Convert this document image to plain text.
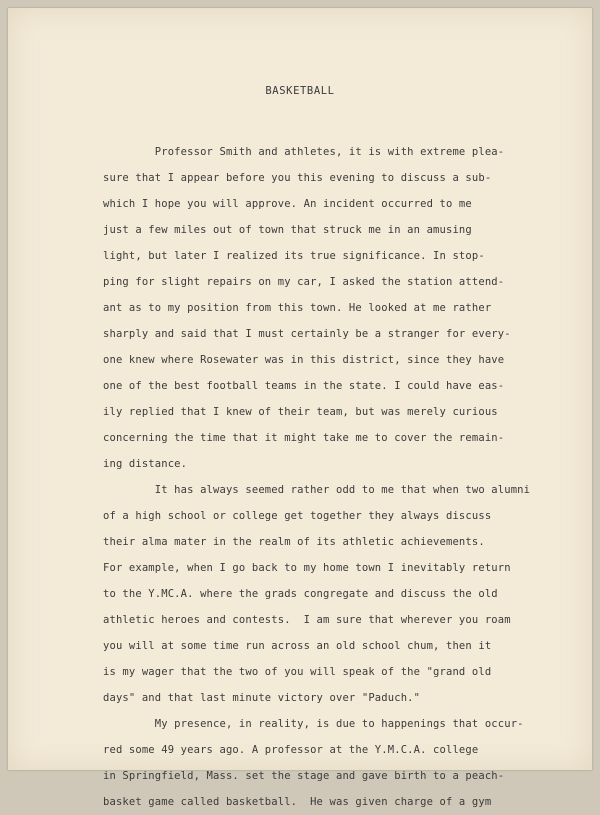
BASKETBALL
Professor Smith and athletes, it is with extreme plea-
sure that I appear before you this evening to discuss a sub-
which I hope you will approve. An incident occurred to me
just a few miles out of town that struck me in an amusing
light, but later I realized its true significance. In stop-
ping for slight repairs on my car, I asked the station attend-
ant as to my position from this town. He looked at me rather
sharply and said that I must certainly be a stranger for every-
one knew where Rosewater was in this district, since they have
one of the best football teams in the state. I could have eas-
ily replied that I knew of their team, but was merely curious
concerning the time that it might take me to cover the remain-
ing distance.
It has always seemed rather odd to me that when two alumni
of a high school or college get together they always discuss
their alma mater in the realm of its athletic achievements.
For example, when I go back to my home town I inevitably return
to the Y.MC.A. where the grads congregate and discuss the old
athletic heroes and contests.  I am sure that wherever you roam
you will at some time run across an old school chum, then it
is my wager that the two of you will speak of the "grand old
days" and that last minute victory over "Paduch."
My presence, in reality, is due to happenings that occur-
red some 49 years ago. A professor at the Y.M.C.A. college
in Springfield, Mass. set the stage and gave birth to a peach-
basket game called basketball.  He was given charge of a gym
